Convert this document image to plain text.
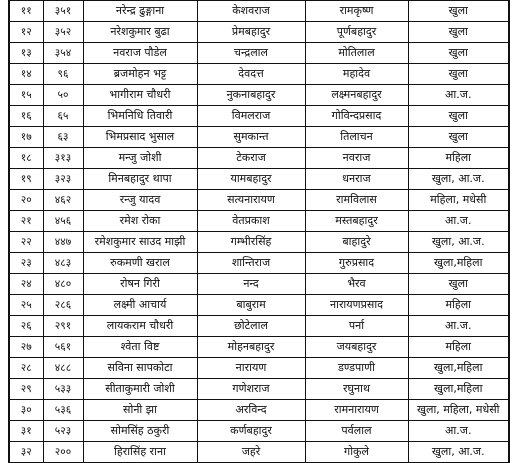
११	३५१	नरेन्द्र ढुङ्गाना	केशवराज	रामकृष्ण	खुला
१२	३५२	नरेशकुमार बुढा	प्रेमबहादुर	पूर्णबहादुर	खुला
१३	३५४	नवराज पौडेल	चन्द्रलाल	मोतिलाल	खुला
१४	९६	ब्रजमोहन भट्ट	देवदत्त	महादेव	खुला
१५	५०	भागीराम चौधरी	नुकनाबहादुर	लक्ष्मनबहादुर	आ.ज.
१६	६५	भिमनिधि तिवारी	विमलराज	गोविन्दप्रसाद	खुला
१७	६३	भिमप्रसाद भुसाल	सुमकान्त	तिलाचन	खुला
१८	३१३	मन्जु जोशी	टेकराज	नवराज	महिला
१९	३२३	मिनबहादुर थापा	यामबहादुर	धनराज	खुला, आ.ज.
२०	४६२	रन्जु यादव	सत्यनारायण	रामविलास	महिला, मधेसी
२१	४५६	रमेश रोका	वेतप्रकाश	मस्तबहादुर	आ.ज.
२२	४४७	रमेशकुमार साउद माझी	गम्भीरसिंह	बाहादुरे	खुला, आ.ज.
२३	४८३	रुकमणी खराल	शान्तिराज	गुरुप्रसाद	खुला,महिला
२४	४८०	रोषन गिरी	नन्द	भैरव	खुला
२५	२८६	लक्ष्मी आचार्य	बाबुराम	नारायणप्रसाद	महिला
२६	२९१	लायकराम चौधरी	छोटेलाल	पर्ना	आ.ज.
२७	५६१	श्वेता विष्ट	मोहनबहादुर	जयबहादुर	महिला
२८	४८८	सविना सापकोटा	नारायण	डण्डपाणी	खुला,महिला
२९	५३३	सीताकुमारी जोशी	गणेशराज	रघुनाथ	खुला,महिला
३०	५३६	सोनी झा	अरविन्द	रामनारायण	खुला, महिला, मधेसी
३१	५२३	सोमसिंह ठकुरी	कर्णबहादुर	पर्वलाल	आ.ज.
३२	२००	हिरासिंह राना	जहरे	गोकुले	खुला, आ.ज.
